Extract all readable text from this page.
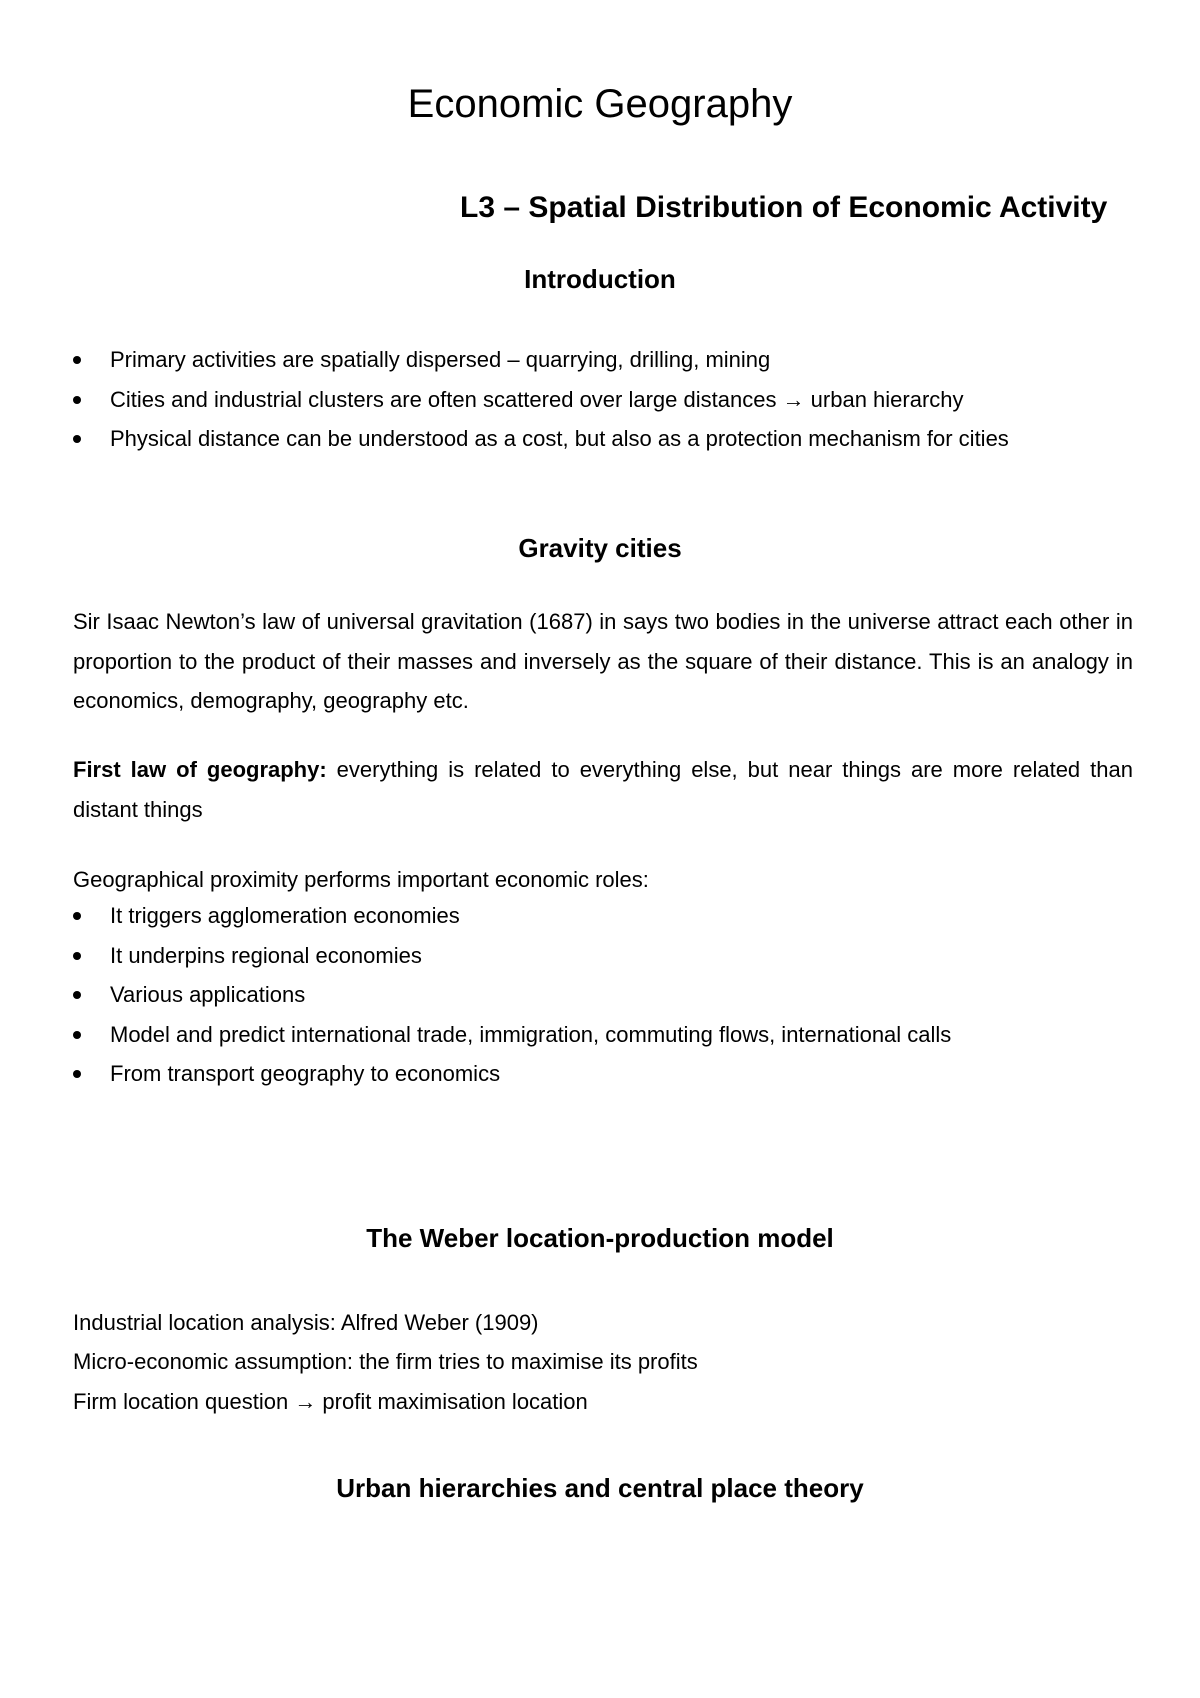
Economic Geography
L3 – Spatial Distribution of Economic Activity
Introduction
Primary activities are spatially dispersed – quarrying, drilling, mining
Cities and industrial clusters are often scattered over large distances → urban hierarchy
Physical distance can be understood as a cost, but also as a protection mechanism for cities
Gravity cities
Sir Isaac Newton’s law of universal gravitation (1687) in says two bodies in the universe attract each other in proportion to the product of their masses and inversely as the square of their distance. This is an analogy in economics, demography, geography etc.
First law of geography: everything is related to everything else, but near things are more related than distant things
Geographical proximity performs important economic roles:
It triggers agglomeration economies
It underpins regional economies
Various applications
Model and predict international trade, immigration, commuting flows, international calls
From transport geography to economics
The Weber location-production model
Industrial location analysis: Alfred Weber (1909)
Micro-economic assumption: the firm tries to maximise its profits
Firm location question → profit maximisation location
Urban hierarchies and central place theory
